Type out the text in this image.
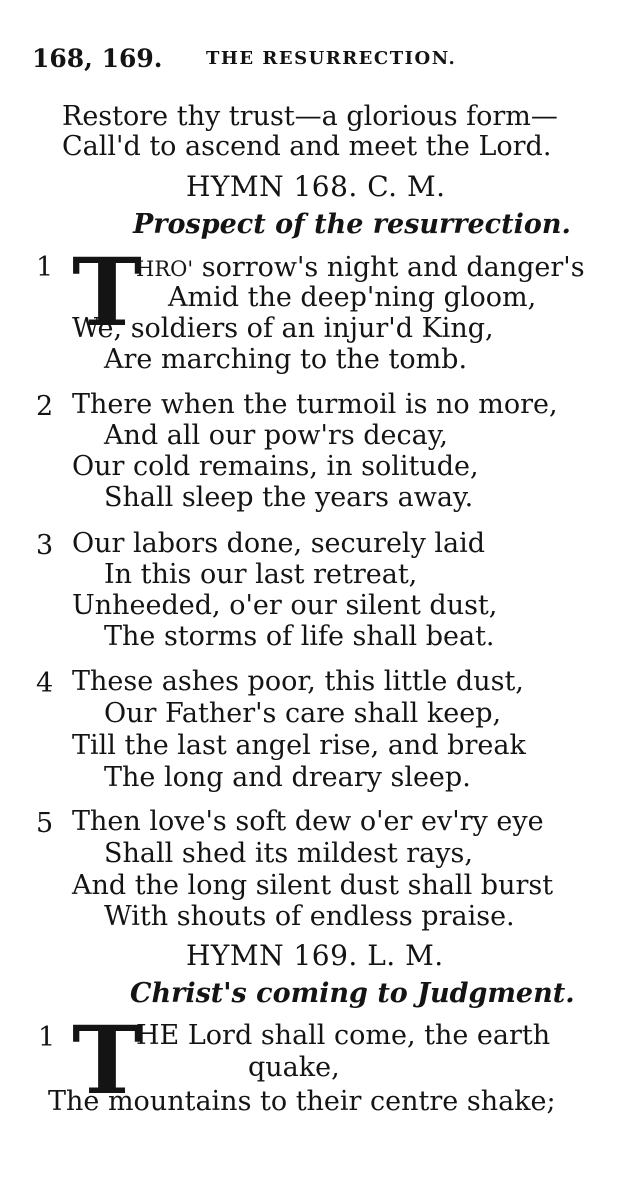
168, 169. THE RESURRECTION.
Restore thy trust—a glorious form—
Call'd to ascend and meet the Lord.
HYMN 168. C. M.
Prospect of the resurrection.
1 T
HRO' sorrow's night and danger's
Amid the deep'ning gloom,
We, soldiers of an injur'd King,
Are marching to the tomb.
2 There when the turmoil is no more,
And all our pow'rs decay,
Our cold remains, in solitude,
Shall sleep the years away.
3 Our labors done, securely laid
In this our last retreat,
Unheeded, o'er our silent dust,
The storms of life shall beat.
4 These ashes poor, this little dust,
Our Father's care shall keep,
Till the last angel rise, and break
The long and dreary sleep.
5 Then love's soft dew o'er ev'ry eye
Shall shed its mildest rays,
And the long silent dust shall burst
With shouts of endless praise.
HYMN 169. L. M.
Christ's coming to Judgment.
1 T
HE Lord shall come, the earth
quake,
The mountains to their centre shake;
